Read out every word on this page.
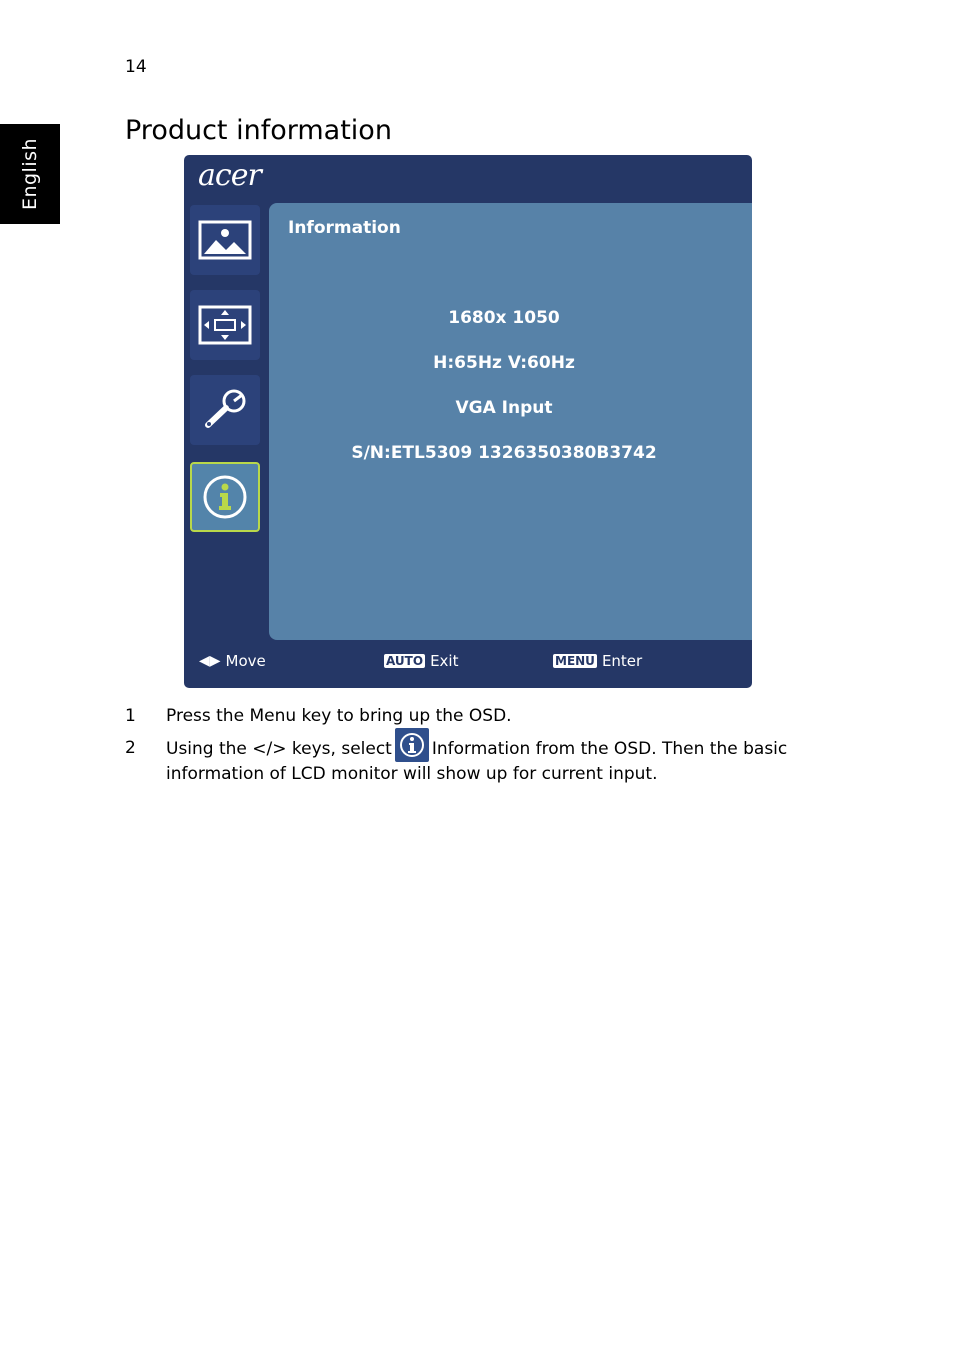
14
English
Product information
acer
Information
1680x 1050
H:65Hz V:60Hz
VGA Input
S/N:ETL5309 1326350380B3742
◀▶ Move	AUTO Exit	MENU Enter
1 Press the Menu key to bring up the OSD.
2 Using the </> keys, select Information from the OSD. Then the basic information of LCD monitor will show up for current input.
